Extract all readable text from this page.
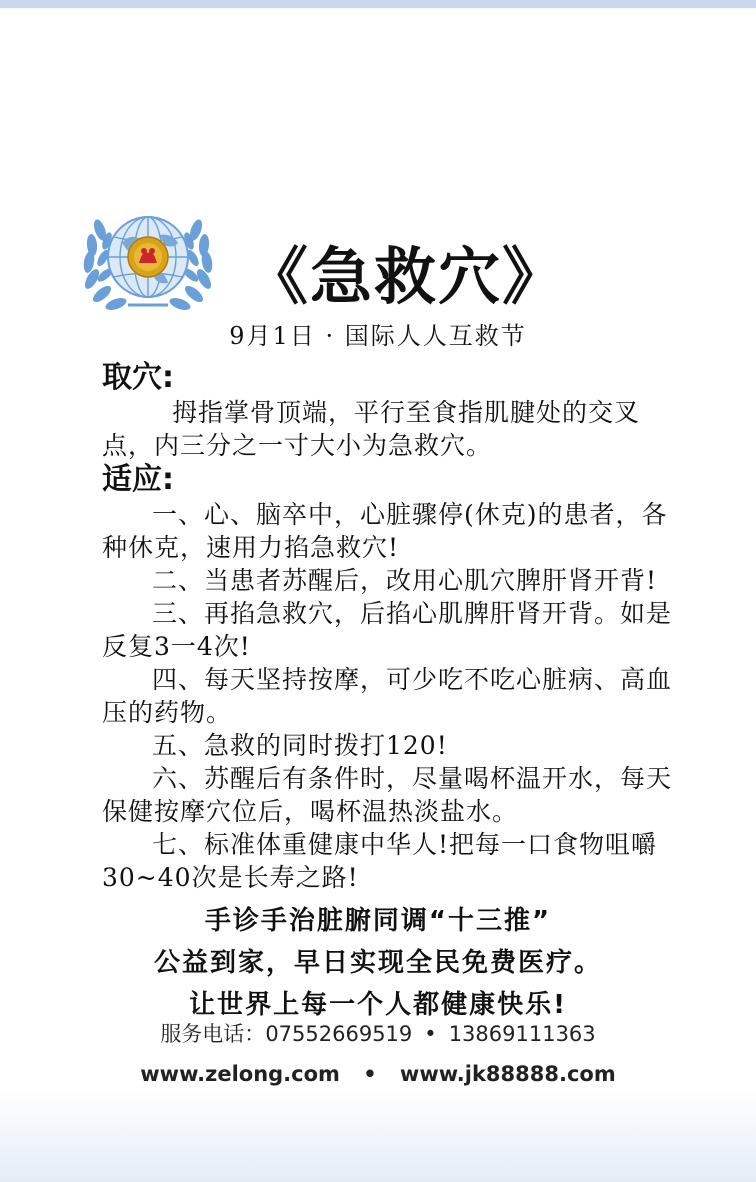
《急救穴》
9月1日 · 国际人人互救节
取穴:

拇指掌骨顶端，平行至食指肌腱处的交叉点，内三分之一寸大小为急救穴。

适应:

一、心、脑卒中，心脏骤停(休克)的患者，各种休克，速用力掐急救穴!

二、当患者苏醒后，改用心肌穴脾肝肾开背!

三、再掐急救穴，后掐心肌脾肝肾开背。如是反复3一4次!

四、每天坚持按摩，可少吃不吃心脏病、高血压的药物。

五、急救的同时拨打120!

六、苏醒后有条件时，尽量喝杯温开水，每天保健按摩穴位后，喝杯温热淡盐水。

七、标准体重健康中华人!把每一口食物咀嚼30~40次是长寿之路!

手诊手治脏腑同调“十三推”
公益到家，早日实现全民免费医疗。
让世界上每一个人都健康快乐!
服务电话：07552669519 • 13869111363
www.zelong.com • www.jk88888.com
